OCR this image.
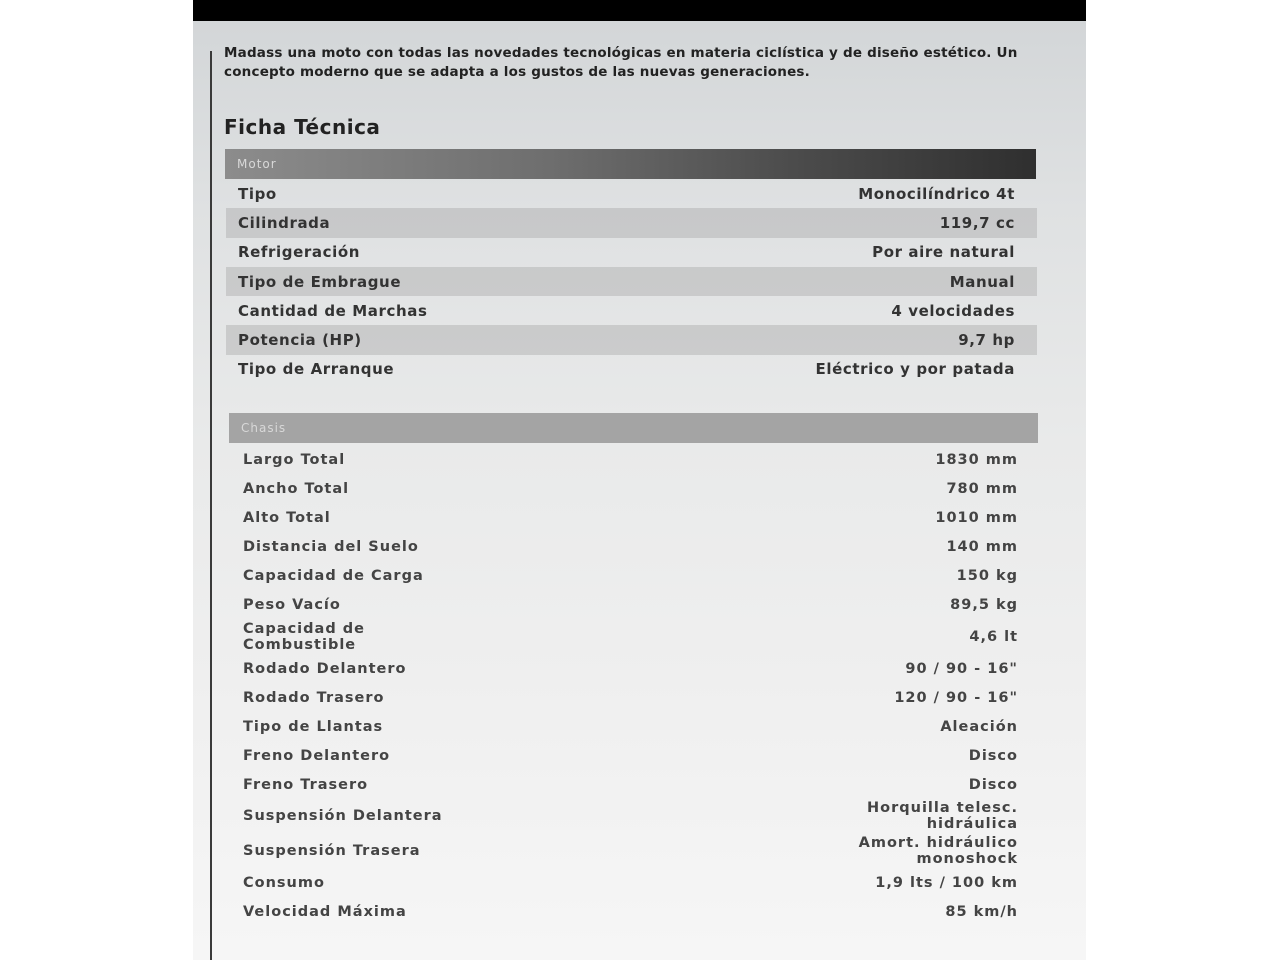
Madass una moto con todas las novedades tecnológicas en materia ciclística y de diseño estético. Un concepto moderno que se adapta a los gustos de las nuevas generaciones.
Ficha Técnica
Motor
Tipo	Monocilíndrico 4t
Cilindrada	119,7 cc
Refrigeración	Por aire natural
Tipo de Embrague	Manual
Cantidad de Marchas	4 velocidades
Potencia (HP)	9,7 hp
Tipo de Arranque	Eléctrico y por patada
Chasis
Largo Total	1830 mm
Ancho Total	780 mm
Alto Total	1010 mm
Distancia del Suelo	140 mm
Capacidad de Carga	150 kg
Peso Vacío	89,5 kg
Capacidad de
Combustible	4,6 lt
Rodado Delantero	90 / 90 - 16"
Rodado Trasero	120 / 90 - 16"
Tipo de Llantas	Aleación
Freno Delantero	Disco
Freno Trasero	Disco
Suspensión Delantera	Horquilla telesc.
hidráulica
Suspensión Trasera	Amort. hidráulico
monoshock
Consumo	1,9 lts / 100 km
Velocidad Máxima	85 km/h
